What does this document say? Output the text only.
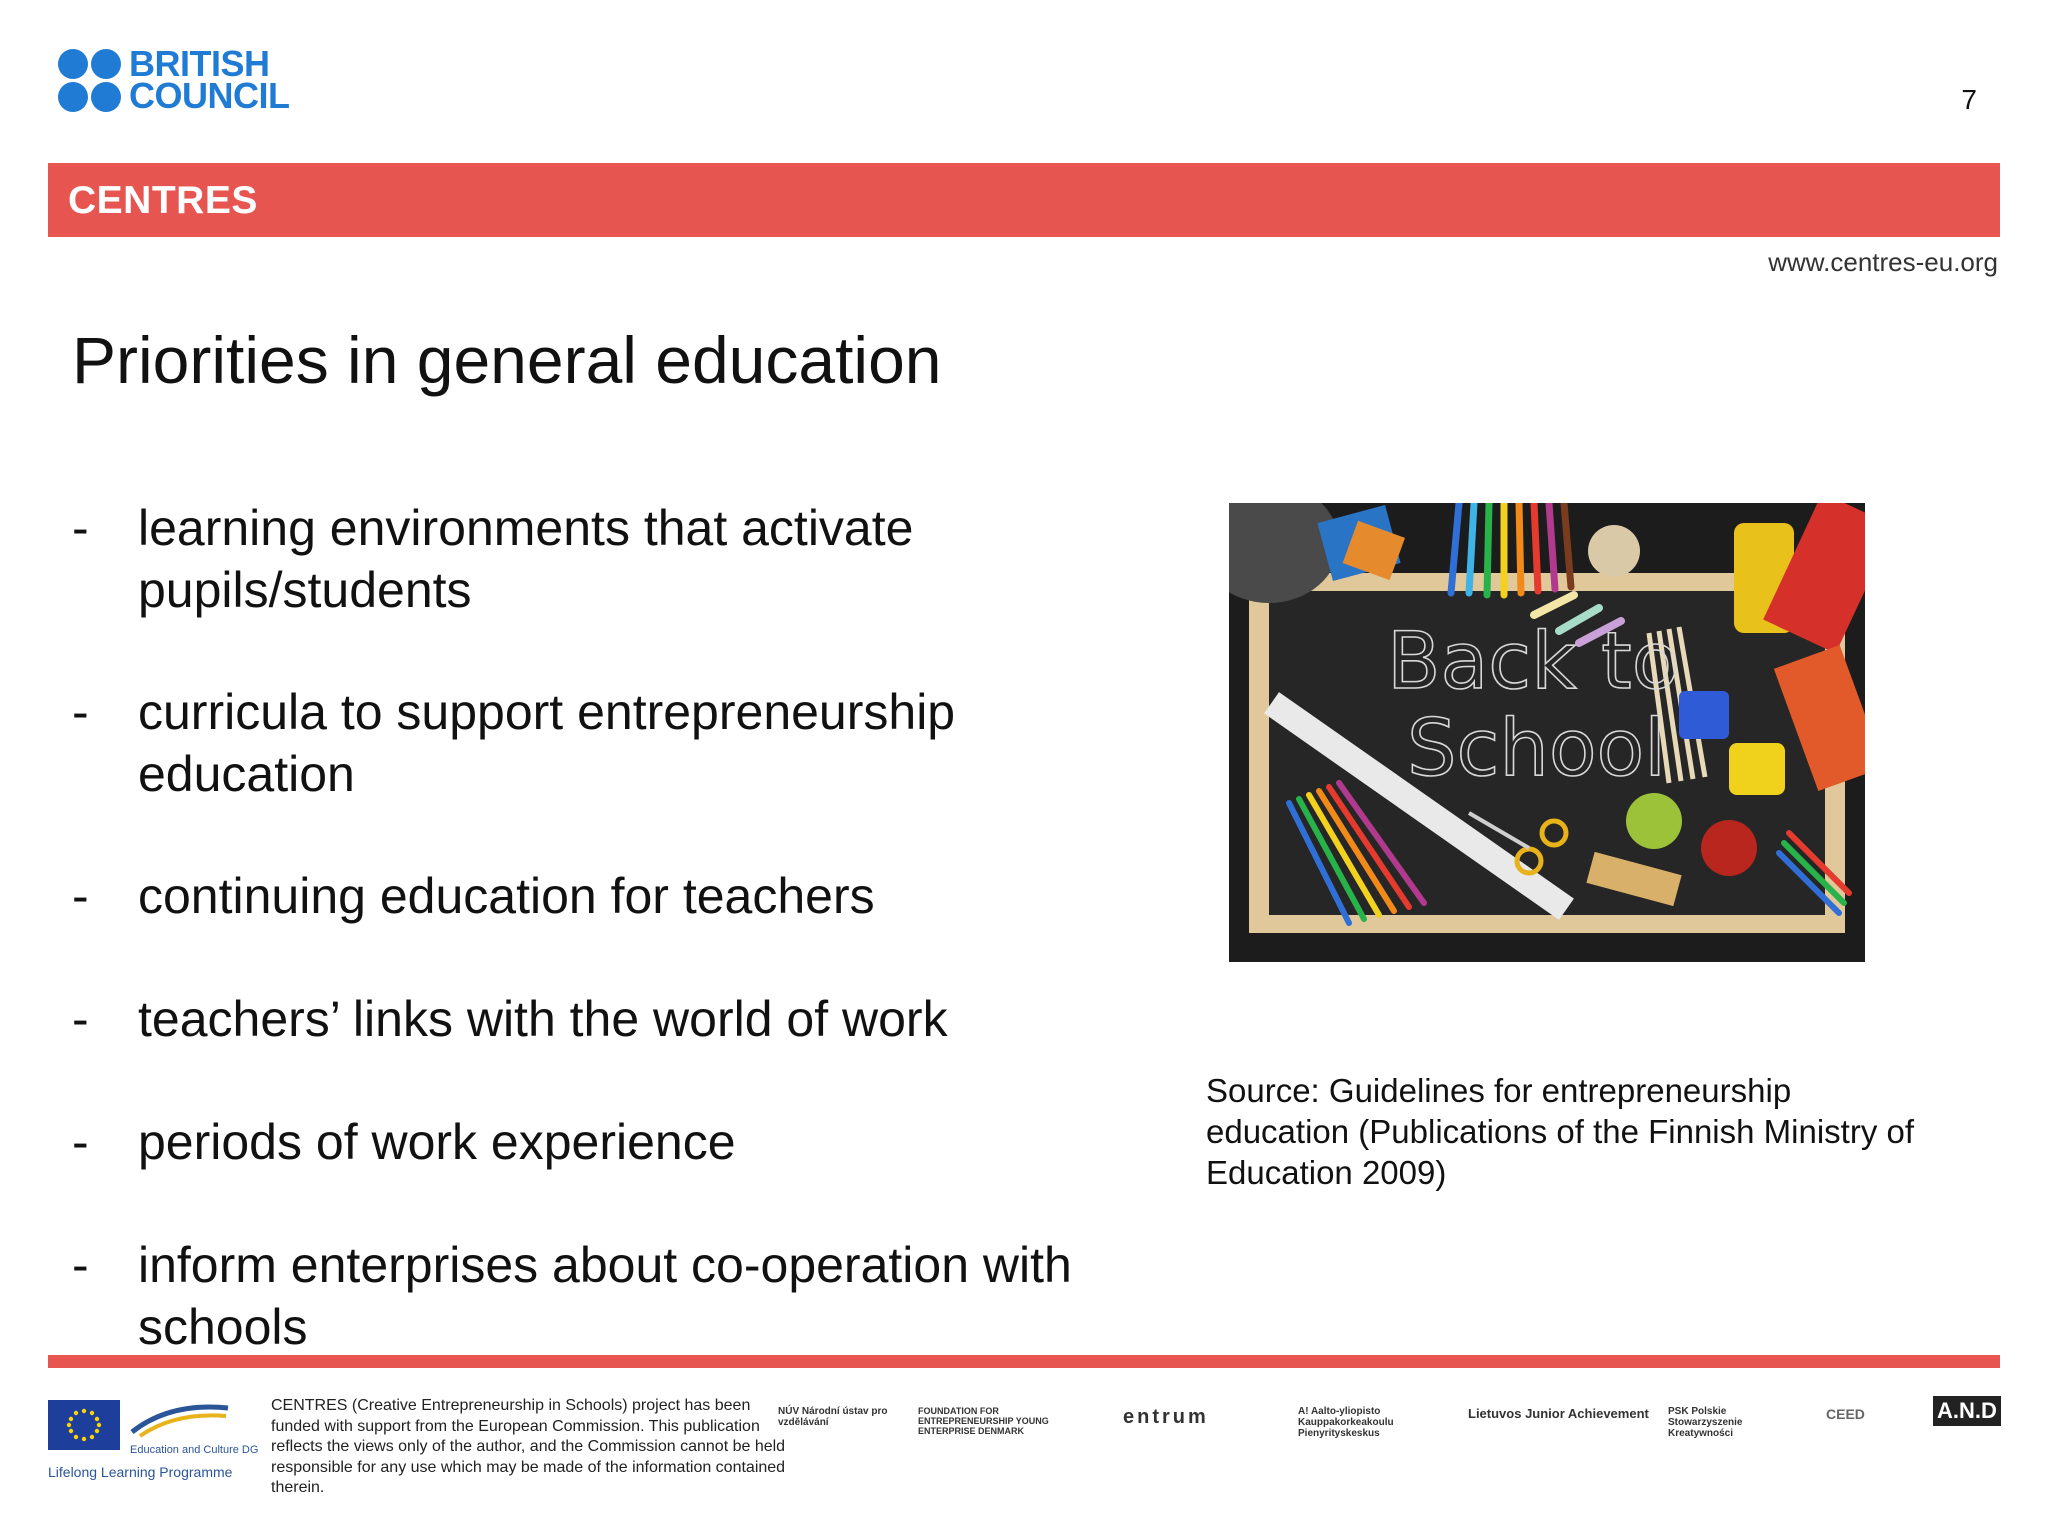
BRITISH
COUNCIL	7
CENTRES
www.centres-eu.org
Priorities in general education
- learning environments that activate pupils/students
- curricula to support entrepreneurship education
- continuing education for teachers
- teachers’ links with the world of work
- periods of work experience
- inform enterprises about co-operation with schools
Back to
School
Source: Guidelines for entrepreneurship education (Publications of the Finnish Ministry of Education 2009)
Education and Culture DG
Lifelong Learning Programme
CENTRES (Creative Entrepreneurship in Schools) project has been funded with support from the European Commission. This publication reflects the views only of the author, and the Commission cannot be held responsible for any use which may be made of the information contained therein.
NÚV Národní ústav pro vzdělávání
FOUNDATION FOR ENTREPRENEURSHIP YOUNG ENTERPRISE DENMARK
entrum	A! Aalto-yliopisto Kauppakorkeakoulu Pienyrityskeskus
Lietuvos Junior Achievement PSK Polskie Stowarzyszenie Kreatywności
CEED	A.N.D
